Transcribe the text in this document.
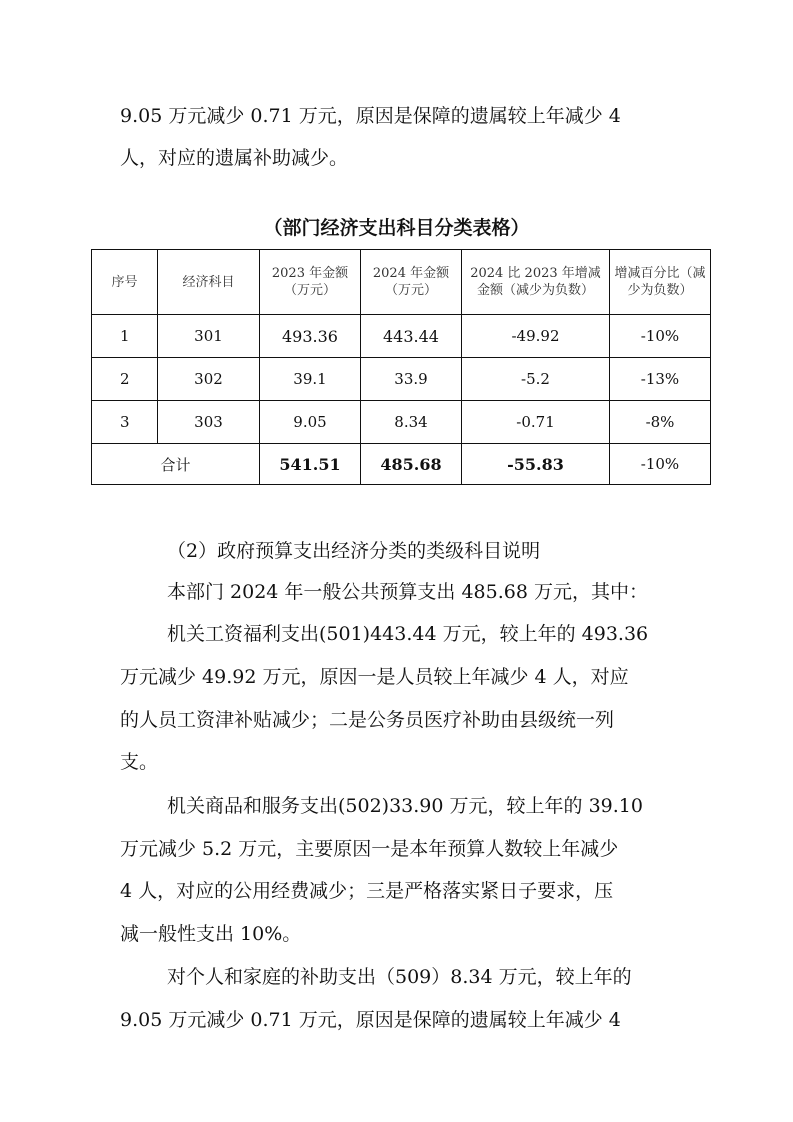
9.05 万元减少 0.71 万元，原因是保障的遗属较上年减少 4
人，对应的遗属补助减少。
（部门经济支出科目分类表格）
序号	经济科目	2023 年金额（万元）	2024 年金额（万元）	2024 比 2023 年增减金额（减少为负数）	增减百分比（减少为负数）
1	301	493.36	443.44	-49.92	-10%
2	302	39.1	33.9	-5.2	-13%
3	303	9.05	8.34	-0.71	-8%
合计		541.51	485.68	-55.83	-10%
（2）政府预算支出经济分类的类级科目说明
本部门 2024 年一般公共预算支出 485.68 万元，其中：
机关工资福利支出(501)443.44 万元，较上年的 493.36
万元减少 49.92 万元，原因一是人员较上年减少 4 人，对应
的人员工资津补贴减少；二是公务员医疗补助由县级统一列
支。
机关商品和服务支出(502)33.90 万元，较上年的 39.10
万元减少 5.2 万元，主要原因一是本年预算人数较上年减少
4 人，对应的公用经费减少；三是严格落实紧日子要求，压
减一般性支出 10%。
对个人和家庭的补助支出（509）8.34 万元，较上年的
9.05 万元减少 0.71 万元，原因是保障的遗属较上年减少 4
